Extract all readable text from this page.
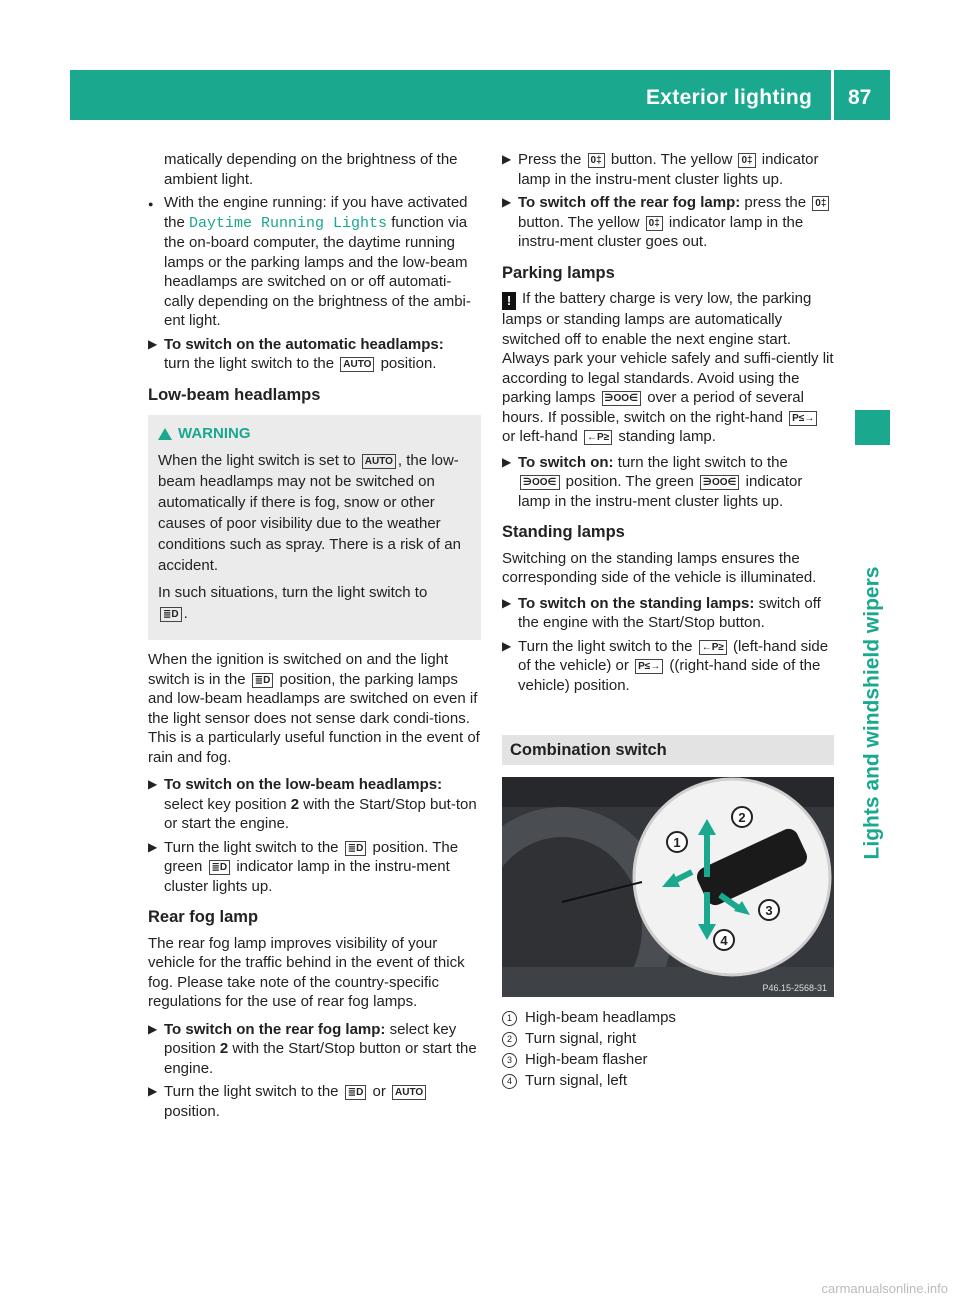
Exterior lighting 87
Lights and windshield wipers

matically depending on the brightness of the ambient light.

● With the engine running: if you have activated the Daytime Running Lights function via the on-board computer, the daytime running lamps or the parking lamps and the low-beam headlamps are switched on or off automati-cally depending on the brightness of the ambi-ent light.
▶ To switch on the automatic headlamps:
turn the light switch to the AUTO position.
Low-beam headlamps
WARNING

When the light switch is set to AUTO , the low-beam headlamps may not be switched on automatically if there is fog, snow or other causes of poor visibility due to the weather conditions such as spray. There is a risk of an accident.

In such situations, turn the light switch to
≣D .

When the ignition is switched on and the light switch is in the ≣D position, the parking lamps and low-beam headlamps are switched on even if the light sensor does not sense dark condi-tions. This is a particularly useful function in the event of rain and fog.

▶ To switch on the low-beam headlamps:
select key position 2 with the Start/Stop but-ton or start the engine.
▶ Turn the light switch to the ≣D position. The green ≣D indicator lamp in the instru-ment cluster lights up.
Rear fog lamp

The rear fog lamp improves visibility of your vehicle for the traffic behind in the event of thick fog. Please take note of the country-specific regulations for the use of rear fog lamps.

▶ To switch on the rear fog lamp: select key position 2 with the Start/Stop button or start the engine.
▶ Turn the light switch to the ≣D or AUTO position.
▶ Press the 0‡ button. The yellow 0‡ indicator lamp in the instru-ment cluster lights up.
▶ To switch off the rear fog lamp: press the 0‡ button. The yellow 0‡ indicator lamp in the instru-ment cluster goes out.
Parking lamps

! If the battery charge is very low, the parking lamps or standing lamps are automatically switched off to enable the next engine start. Always park your vehicle safely and suffi-ciently lit according to legal standards. Avoid using the parking lamps ∋OO∈ over a period of several hours. If possible, switch on the right-hand P≤→ or left-hand ←P≥ standing lamp.

▶ To switch on: turn the light switch to the ∋OO∈ position. The green ∋OO∈ indicator lamp in the instru-ment cluster lights up.
Standing lamps

Switching on the standing lamps ensures the corresponding side of the vehicle is illuminated.

▶ To switch on the standing lamps: switch off the engine with the Start/Stop button.
▶ Turn the light switch to the ←P≥ (left-hand side of the vehicle) or P≤→ ((right-hand side of the vehicle) position.
Combination switch
1
2
3
4
P46.15-2568-31
1 High-beam headlamps
2 Turn signal, right
3 High-beam flasher
4 Turn signal, left
carmanualsonline.info
